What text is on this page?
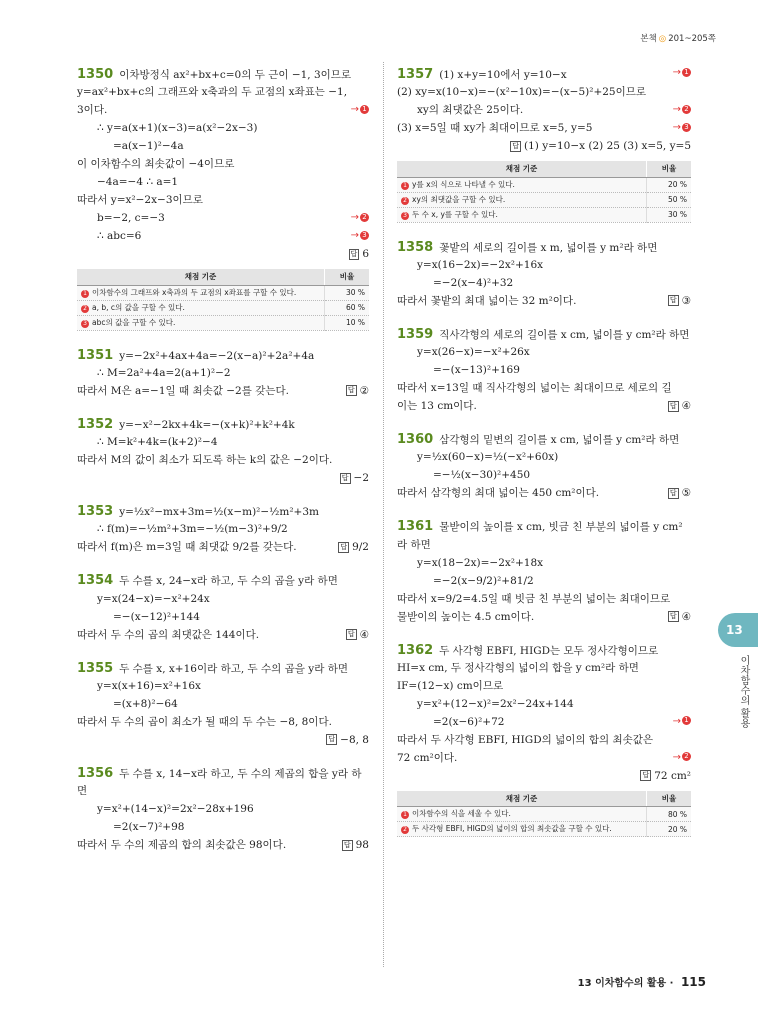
본책 ◎ 201~205쪽
1350 이차방정식 ax²+bx+c=0의 두 근이 −1, 3이므로
y=ax²+bx+c의 그래프와 x축과의 두 교점의 x좌표는 −1,
3이다.	→ 1
∴ y=a(x+1)(x−3)=a(x²−2x−3)
=a(x−1)²−4a
이 이차함수의 최솟값이 −4이므로
−4a=−4 ∴ a=1
따라서 y=x²−2x−3이므로
b=−2, c=−3	→ 2
∴ abc=6	→ 3
답 6
채점 기준	비율
1 이차함수의 그래프와 x축과의 두 교점의 x좌표를 구할 수 있다.	30 %
2 a, b, c의 값을 구할 수 있다.	60 %
3 abc의 값을 구할 수 있다.	10 %
1351 y=−2x²+4ax+4a=−2(x−a)²+2a²+4a
∴ M=2a²+4a=2(a+1)²−2
따라서 M은 a=−1일 때 최솟값 −2를 갖는다.	답 ②
1352 y=−x²−2kx+4k=−(x+k)²+k²+4k
∴ M=k²+4k=(k+2)²−4
따라서 M의 값이 최소가 되도록 하는 k의 값은 −2이다.
답 −2
1353 y=½x²−mx+3m=½(x−m)²−½m²+3m
∴ f(m)=−½m²+3m=−½(m−3)²+9/2
따라서 f(m)은 m=3일 때 최댓값 9/2를 갖는다.	답 9/2
1354 두 수를 x, 24−x라 하고, 두 수의 곱을 y라 하면
y=x(24−x)=−x²+24x
=−(x−12)²+144
따라서 두 수의 곱의 최댓값은 144이다.	답 ④
1355 두 수를 x, x+16이라 하고, 두 수의 곱을 y라 하면
y=x(x+16)=x²+16x
=(x+8)²−64
따라서 두 수의 곱이 최소가 될 때의 두 수는 −8, 8이다.
답 −8, 8
1356 두 수를 x, 14−x라 하고, 두 수의 제곱의 합을 y라 하
면
y=x²+(14−x)²=2x²−28x+196
=2(x−7)²+98
따라서 두 수의 제곱의 합의 최솟값은 98이다.	답 98
1357 (1) x+y=10에서 y=10−x	→ 1
(2) xy=x(10−x)=−(x²−10x)=−(x−5)²+25이므로
xy의 최댓값은 25이다.	→ 2
(3) x=5일 때 xy가 최대이므로 x=5, y=5	→ 3
답 (1) y=10−x (2) 25 (3) x=5, y=5
채점 기준	비율
1 y를 x의 식으로 나타낼 수 있다.	20 %
2 xy의 최댓값을 구할 수 있다.	50 %
3 두 수 x, y를 구할 수 있다.	30 %
1358 꽃밭의 세로의 길이를 x m, 넓이를 y m²라 하면
y=x(16−2x)=−2x²+16x
=−2(x−4)²+32
따라서 꽃밭의 최대 넓이는 32 m²이다.	답 ③
1359 직사각형의 세로의 길이를 x cm, 넓이를 y cm²라 하면
y=x(26−x)=−x²+26x
=−(x−13)²+169
따라서 x=13일 때 직사각형의 넓이는 최대이므로 세로의 길
이는 13 cm이다.	답 ④
1360 삼각형의 밑변의 길이를 x cm, 넓이를 y cm²라 하면
y=½x(60−x)=½(−x²+60x)
=−½(x−30)²+450
따라서 삼각형의 최대 넓이는 450 cm²이다.	답 ⑤
1361 물받이의 높이를 x cm, 빗금 친 부분의 넓이를 y cm²
라 하면
y=x(18−2x)=−2x²+18x
=−2(x−9/2)²+81/2
따라서 x=9/2=4.5일 때 빗금 친 부분의 넓이는 최대이므로
물받이의 높이는 4.5 cm이다.	답 ④
1362 두 사각형 EBFI, HIGD는 모두 정사각형이므로
HI=x cm, 두 정사각형의 넓이의 합을 y cm²라 하면
IF=(12−x) cm이므로
y=x²+(12−x)²=2x²−24x+144
=2(x−6)²+72	→ 1
따라서 두 사각형 EBFI, HIGD의 넓이의 합의 최솟값은
72 cm²이다.	→ 2
답 72 cm²
채점 기준	비율
1 이차함수의 식을 세울 수 있다.	80 %
2 두 사각형 EBFI, HIGD의 넓이의 합의 최솟값을 구할 수 있다.	20 %
13
이차함수의 활용
13 이차함수의 활용 · 115
